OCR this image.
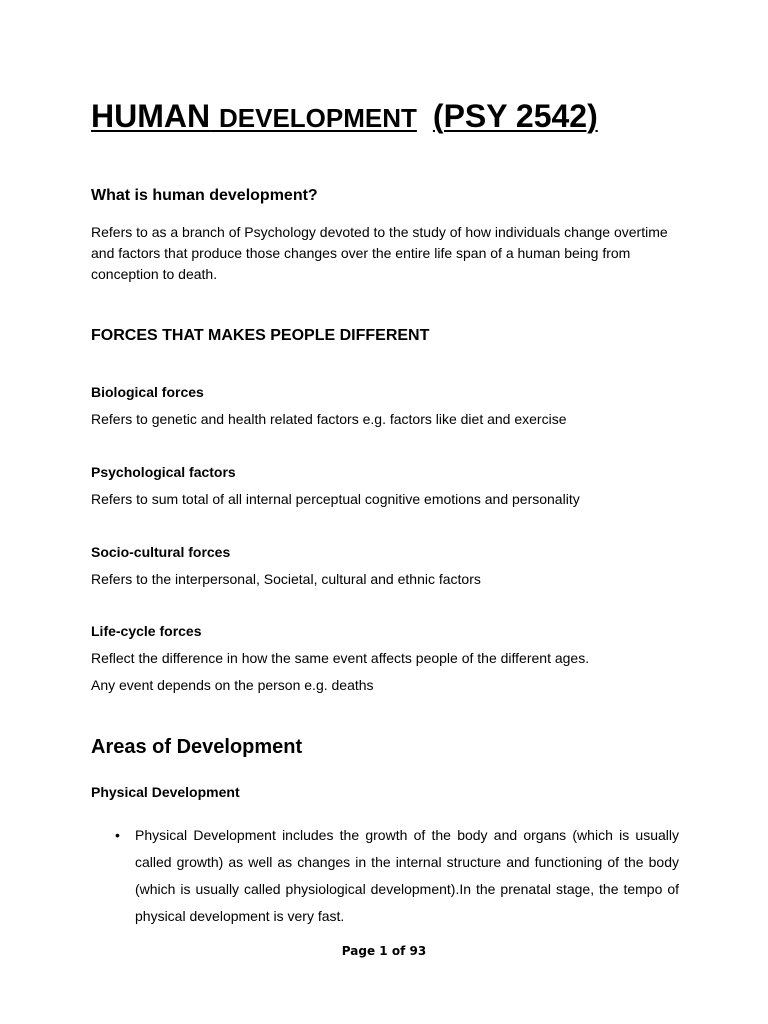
HUMAN DEVELOPMENT (PSY 2542)
What is human development?

Refers to as a branch of Psychology devoted to the study of how individuals change overtime and factors that produce those changes over the entire life span of a human being from conception to death.

FORCES THAT MAKES PEOPLE DIFFERENT
Biological forces

Refers to genetic and health related factors e.g. factors like diet and exercise

Psychological factors

Refers to sum total of all internal perceptual cognitive emotions and personality

Socio-cultural forces

Refers to the interpersonal, Societal, cultural and ethnic factors

Life-cycle forces

Reflect the difference in how the same event affects people of the different ages.

Any event depends on the person e.g. deaths

Areas of Development
Physical Development
• Physical Development includes the growth of the body and organs (which is usually called growth) as well as changes in the internal structure and functioning of the body (which is usually called physiological development).In the prenatal stage, the tempo of physical development is very fast.

Page 1 of 93
